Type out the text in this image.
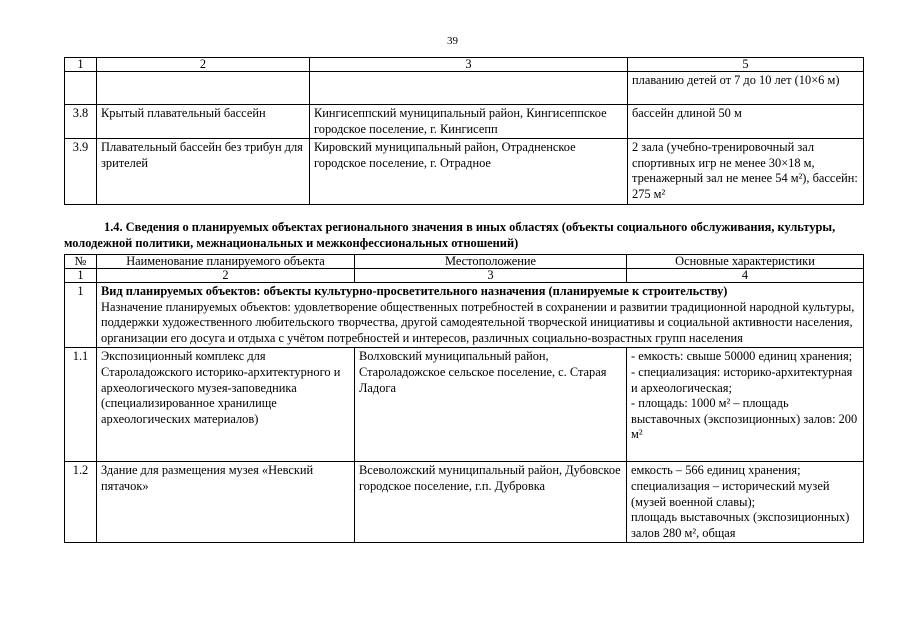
39
1	2	3	5
			плаванию детей от 7 до 10 лет (10×6 м)
3.8	Крытый плавательный бассейн	Кингисеппский муниципальный район, Кингисеппское городское поселение, г. Кингисепп	бассейн длиной 50 м
3.9	Плавательный бассейн без трибун для зрителей	Кировский муниципальный район, Отрадненское городское поселение, г. Отрадное	2 зала (учебно-тренировочный зал спортивных игр не менее 30×18 м, тренажерный зал не менее 54 м²), бассейн: 275 м²
1.4. Сведения о планируемых объектах регионального значения в иных областях (объекты социального обслуживания, культуры, молодежной политики, межнациональных и межконфессиональных отношений)
№	Наименование планируемого объекта	Местоположение	Основные характеристики
1	2	3	4
1	Вид планируемых объектов: объекты культурно-просветительного назначения (планируемые к строительству)
Назначение планируемых объектов: удовлетворение общественных потребностей в сохранении и развитии традиционной народной культуры, поддержки художественного любительского творчества, другой самодеятельной творческой инициативы и социальной активности населения, организации его досуга и отдыха с учётом потребностей и интересов, различных социально-возрастных групп населения		
1.1	Экспозиционный комплекс для Староладожского историко-архитектурного и археологического музея-заповедника (специализированное хранилище археологических материалов)	Волховский муниципальный район, Староладожское сельское поселение, с. Старая Ладога	- емкость: свыше 50000 единиц хранения;
- специализация: историко-архитектурная и археологическая;
- площадь: 1000 м² – площадь выставочных (экспозиционных) залов: 200 м²

1.2	Здание для размещения музея «Невский пятачок»	Всеволожский муниципальный район, Дубовское городское поселение, г.п. Дубровка	емкость – 566 единиц хранения;
специализация – исторический музей (музей военной славы);
площадь выставочных (экспозиционных) залов 280 м², общая
